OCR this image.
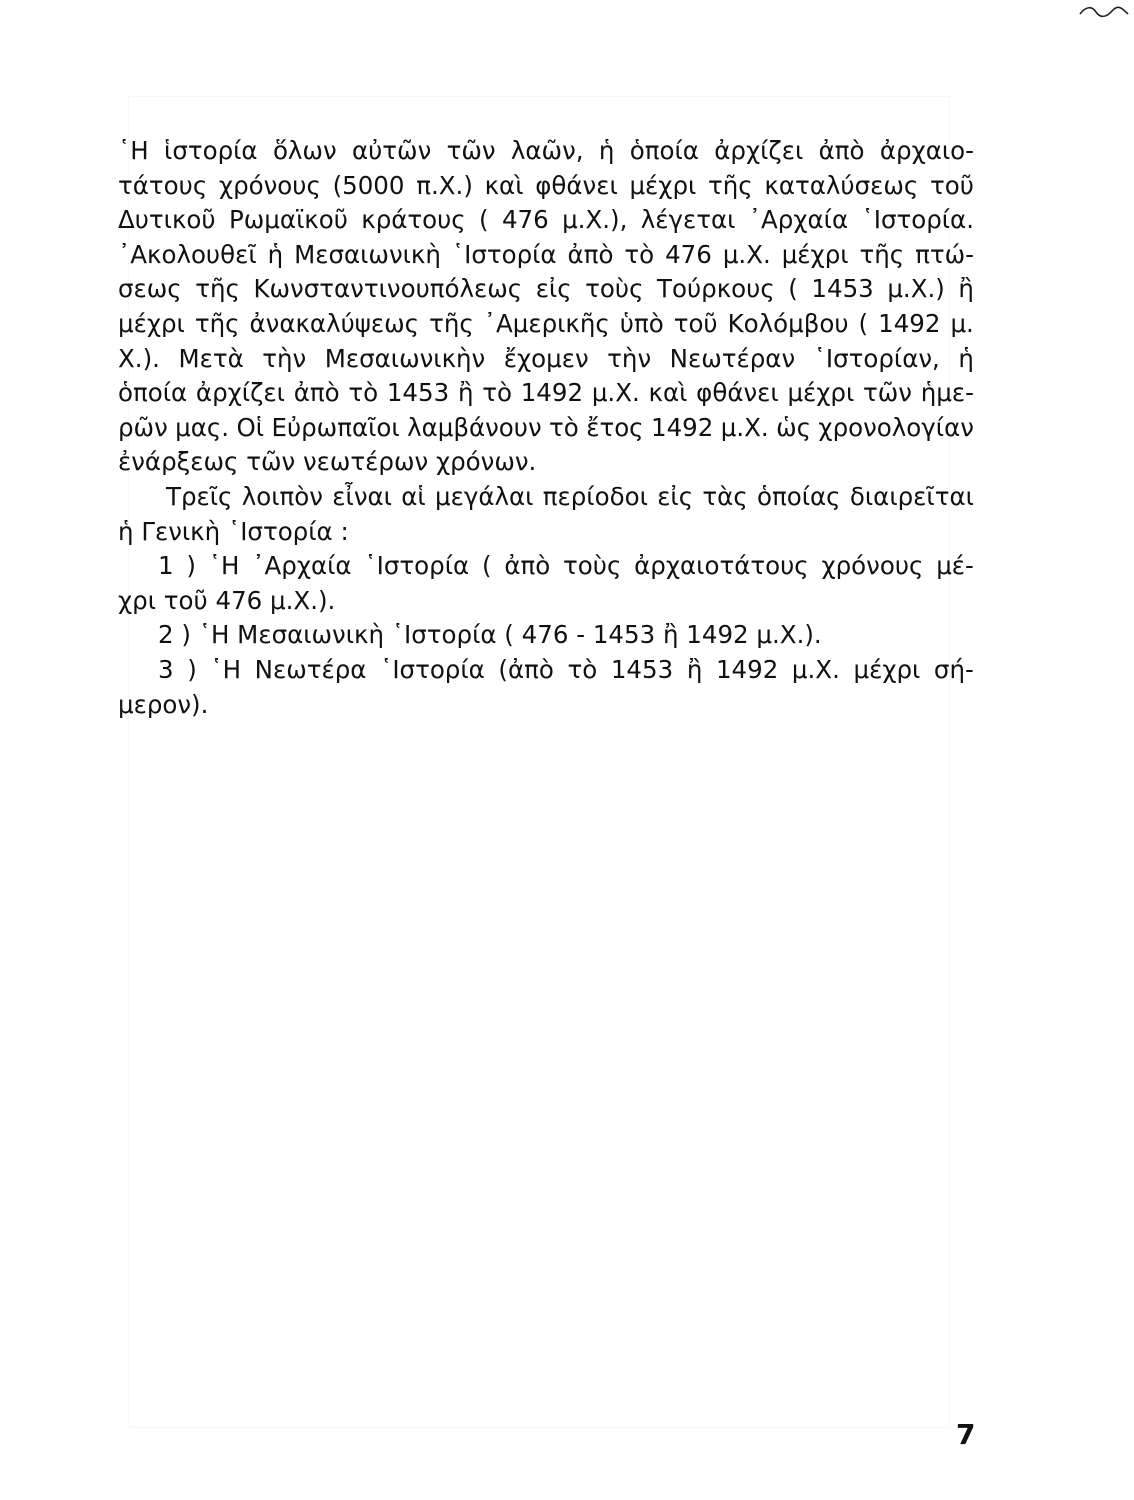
῾Η ἱστορία ὅλων αὐτῶν τῶν λαῶν, ἡ ὁποία ἀρχίζει ἀπὸ ἀρχαιο-
τάτους χρόνους (5000 π.Χ.) καὶ φθάνει μέχρι τῆς καταλύσεως τοῦ
Δυτικοῦ Ρωμαϊκοῦ κράτους ( 476 μ.Χ.), λέγεται ᾿Αρχαία ῾Ιστορία.
᾿Ακολουθεῖ ἡ Μεσαιωνικὴ ῾Ιστορία ἀπὸ τὸ 476 μ.Χ. μέχρι τῆς πτώ-
σεως τῆς Κωνσταντινουπόλεως εἰς τοὺς Τούρκους ( 1453 μ.Χ.) ἢ
μέχρι τῆς ἀνακαλύψεως τῆς ᾿Αμερικῆς ὑπὸ τοῦ Κολόμβου ( 1492 μ.
Χ.). Μετὰ τὴν Μεσαιωνικὴν ἔχομεν τὴν Νεωτέραν ῾Ιστορίαν, ἡ
ὁποία ἀρχίζει ἀπὸ τὸ 1453 ἢ τὸ 1492 μ.Χ. καὶ φθάνει μέχρι τῶν ἡμε-
ρῶν μας. Οἱ Εὐρωπαῖοι λαμβάνουν τὸ ἔτος 1492 μ.Χ. ὡς χρονολογίαν
ἐνάρξεως τῶν νεωτέρων χρόνων.
Τρεῖς λοιπὸν εἶναι αἱ μεγάλαι περίοδοι εἰς τὰς ὁποίας διαιρεῖται
ἡ Γενικὴ ῾Ιστορία :
1 ) ῾Η ᾿Αρχαία ῾Ιστορία ( ἀπὸ τοὺς ἀρχαιοτάτους χρόνους μέ-
χρι τοῦ 476 μ.Χ.).
2 ) ῾Η Μεσαιωνικὴ ῾Ιστορία ( 476 - 1453 ἢ 1492 μ.Χ.).
3 ) ῾Η Νεωτέρα ῾Ιστορία (ἀπὸ τὸ 1453 ἢ 1492 μ.Χ. μέχρι σή-
μερον).
7
